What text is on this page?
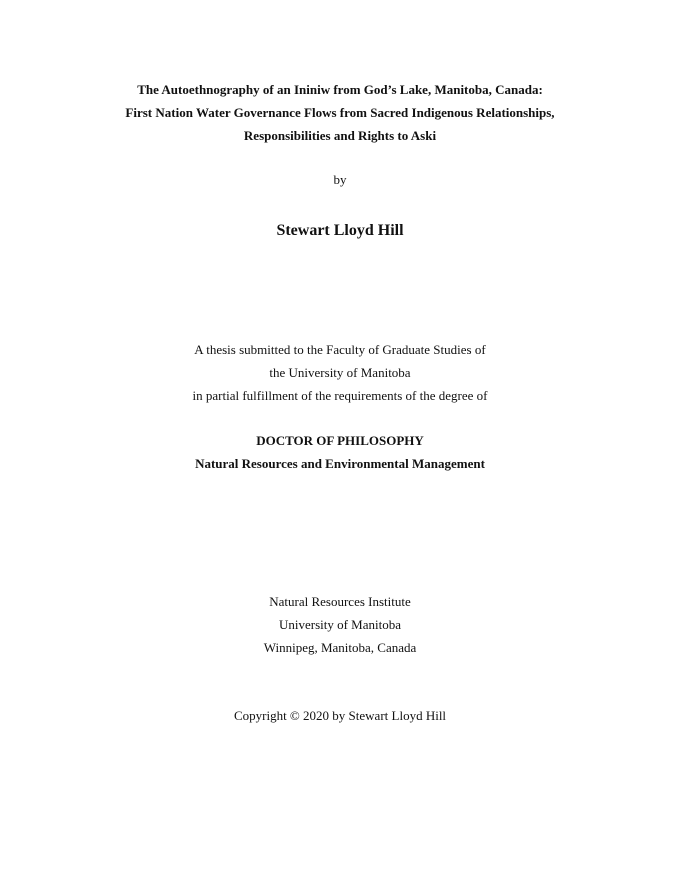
The Autoethnography of an Ininiw from God’s Lake, Manitoba, Canada:
First Nation Water Governance Flows from Sacred Indigenous Relationships,
Responsibilities and Rights to Aski
by
Stewart Lloyd Hill
A thesis submitted to the Faculty of Graduate Studies of
the University of Manitoba
in partial fulfillment of the requirements of the degree of
DOCTOR OF PHILOSOPHY
Natural Resources and Environmental Management
Natural Resources Institute
University of Manitoba
Winnipeg, Manitoba, Canada
Copyright © 2020 by Stewart Lloyd Hill
